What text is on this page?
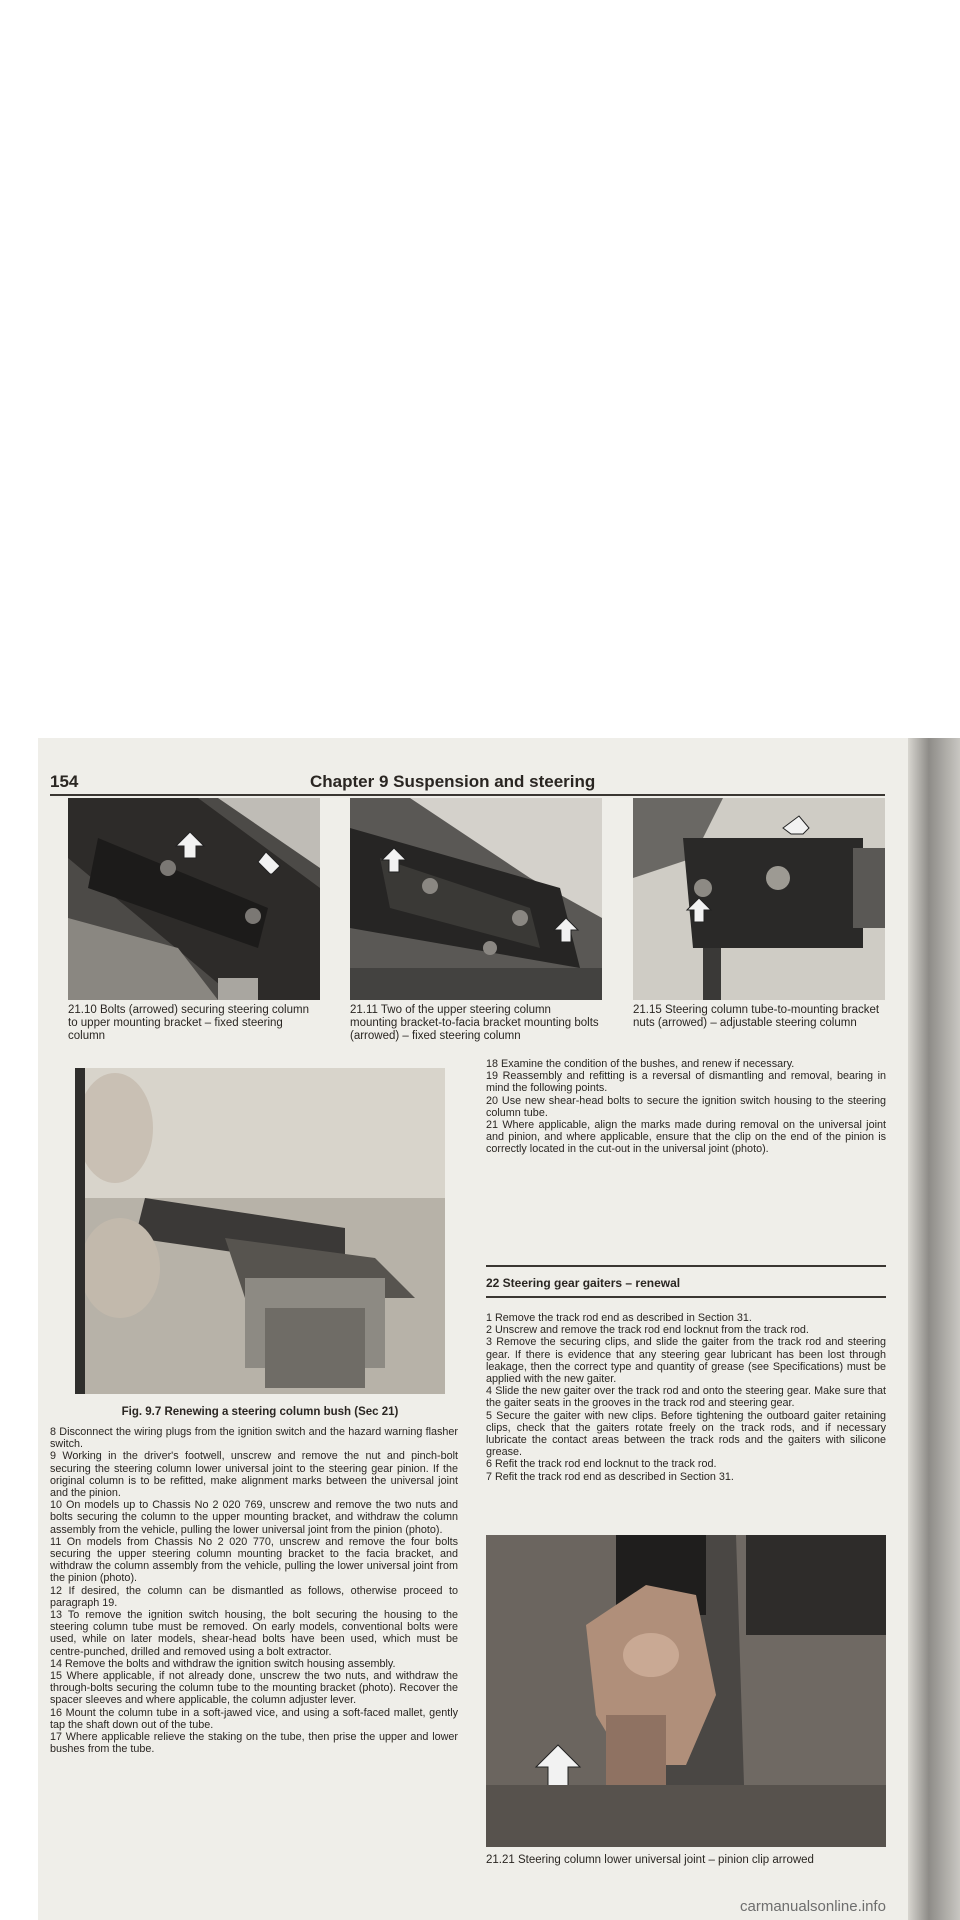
154	Chapter 9 Suspension and steering

21.10 Bolts (arrowed) securing steering column to upper mounting bracket – fixed steering column

21.11 Two of the upper steering column mounting bracket-to-facia bracket mounting bolts (arrowed) – fixed steering column

21.15 Steering column tube-to-mounting bracket nuts (arrowed) – adjustable steering column

Fig. 9.7 Renewing a steering column bush (Sec 21)

8 Disconnect the wiring plugs from the ignition switch and the hazard warning flasher switch.

9 Working in the driver's footwell, unscrew and remove the nut and pinch-bolt securing the steering column lower universal joint to the steering gear pinion. If the original column is to be refitted, make alignment marks between the universal joint and the pinion.

10 On models up to Chassis No 2 020 769, unscrew and remove the two nuts and bolts securing the column to the upper mounting bracket, and withdraw the column assembly from the vehicle, pulling the lower universal joint from the pinion (photo).

11 On models from Chassis No 2 020 770, unscrew and remove the four bolts securing the upper steering column mounting bracket to the facia bracket, and withdraw the column assembly from the vehicle, pulling the lower universal joint from the pinion (photo).

12 If desired, the column can be dismantled as follows, otherwise proceed to paragraph 19.

13 To remove the ignition switch housing, the bolt securing the housing to the steering column tube must be removed. On early models, conventional bolts were used, while on later models, shear-head bolts have been used, which must be centre-punched, drilled and removed using a bolt extractor.

14 Remove the bolts and withdraw the ignition switch housing assembly.

15 Where applicable, if not already done, unscrew the two nuts, and withdraw the through-bolts securing the column tube to the mounting bracket (photo). Recover the spacer sleeves and where applicable, the column adjuster lever.

16 Mount the column tube in a soft-jawed vice, and using a soft-faced mallet, gently tap the shaft down out of the tube.

17 Where applicable relieve the staking on the tube, then prise the upper and lower bushes from the tube.

18 Examine the condition of the bushes, and renew if necessary.

19 Reassembly and refitting is a reversal of dismantling and removal, bearing in mind the following points.

20 Use new shear-head bolts to secure the ignition switch housing to the steering column tube.

21 Where applicable, align the marks made during removal on the universal joint and pinion, and where applicable, ensure that the clip on the end of the pinion is correctly located in the cut-out in the universal joint (photo).

22 Steering gear gaiters – renewal

1 Remove the track rod end as described in Section 31.

2 Unscrew and remove the track rod end locknut from the track rod.

3 Remove the securing clips, and slide the gaiter from the track rod and steering gear. If there is evidence that any steering gear lubricant has been lost through leakage, then the correct type and quantity of grease (see Specifications) must be applied with the new gaiter.

4 Slide the new gaiter over the track rod and onto the steering gear. Make sure that the gaiter seats in the grooves in the track rod and steering gear.

5 Secure the gaiter with new clips. Before tightening the outboard gaiter retaining clips, check that the gaiters rotate freely on the track rods, and if necessary lubricate the contact areas between the track rods and the gaiters with silicone grease.

6 Refit the track rod end locknut to the track rod.

7 Refit the track rod end as described in Section 31.

21.21 Steering column lower universal joint – pinion clip arrowed

carmanualsonline.info
